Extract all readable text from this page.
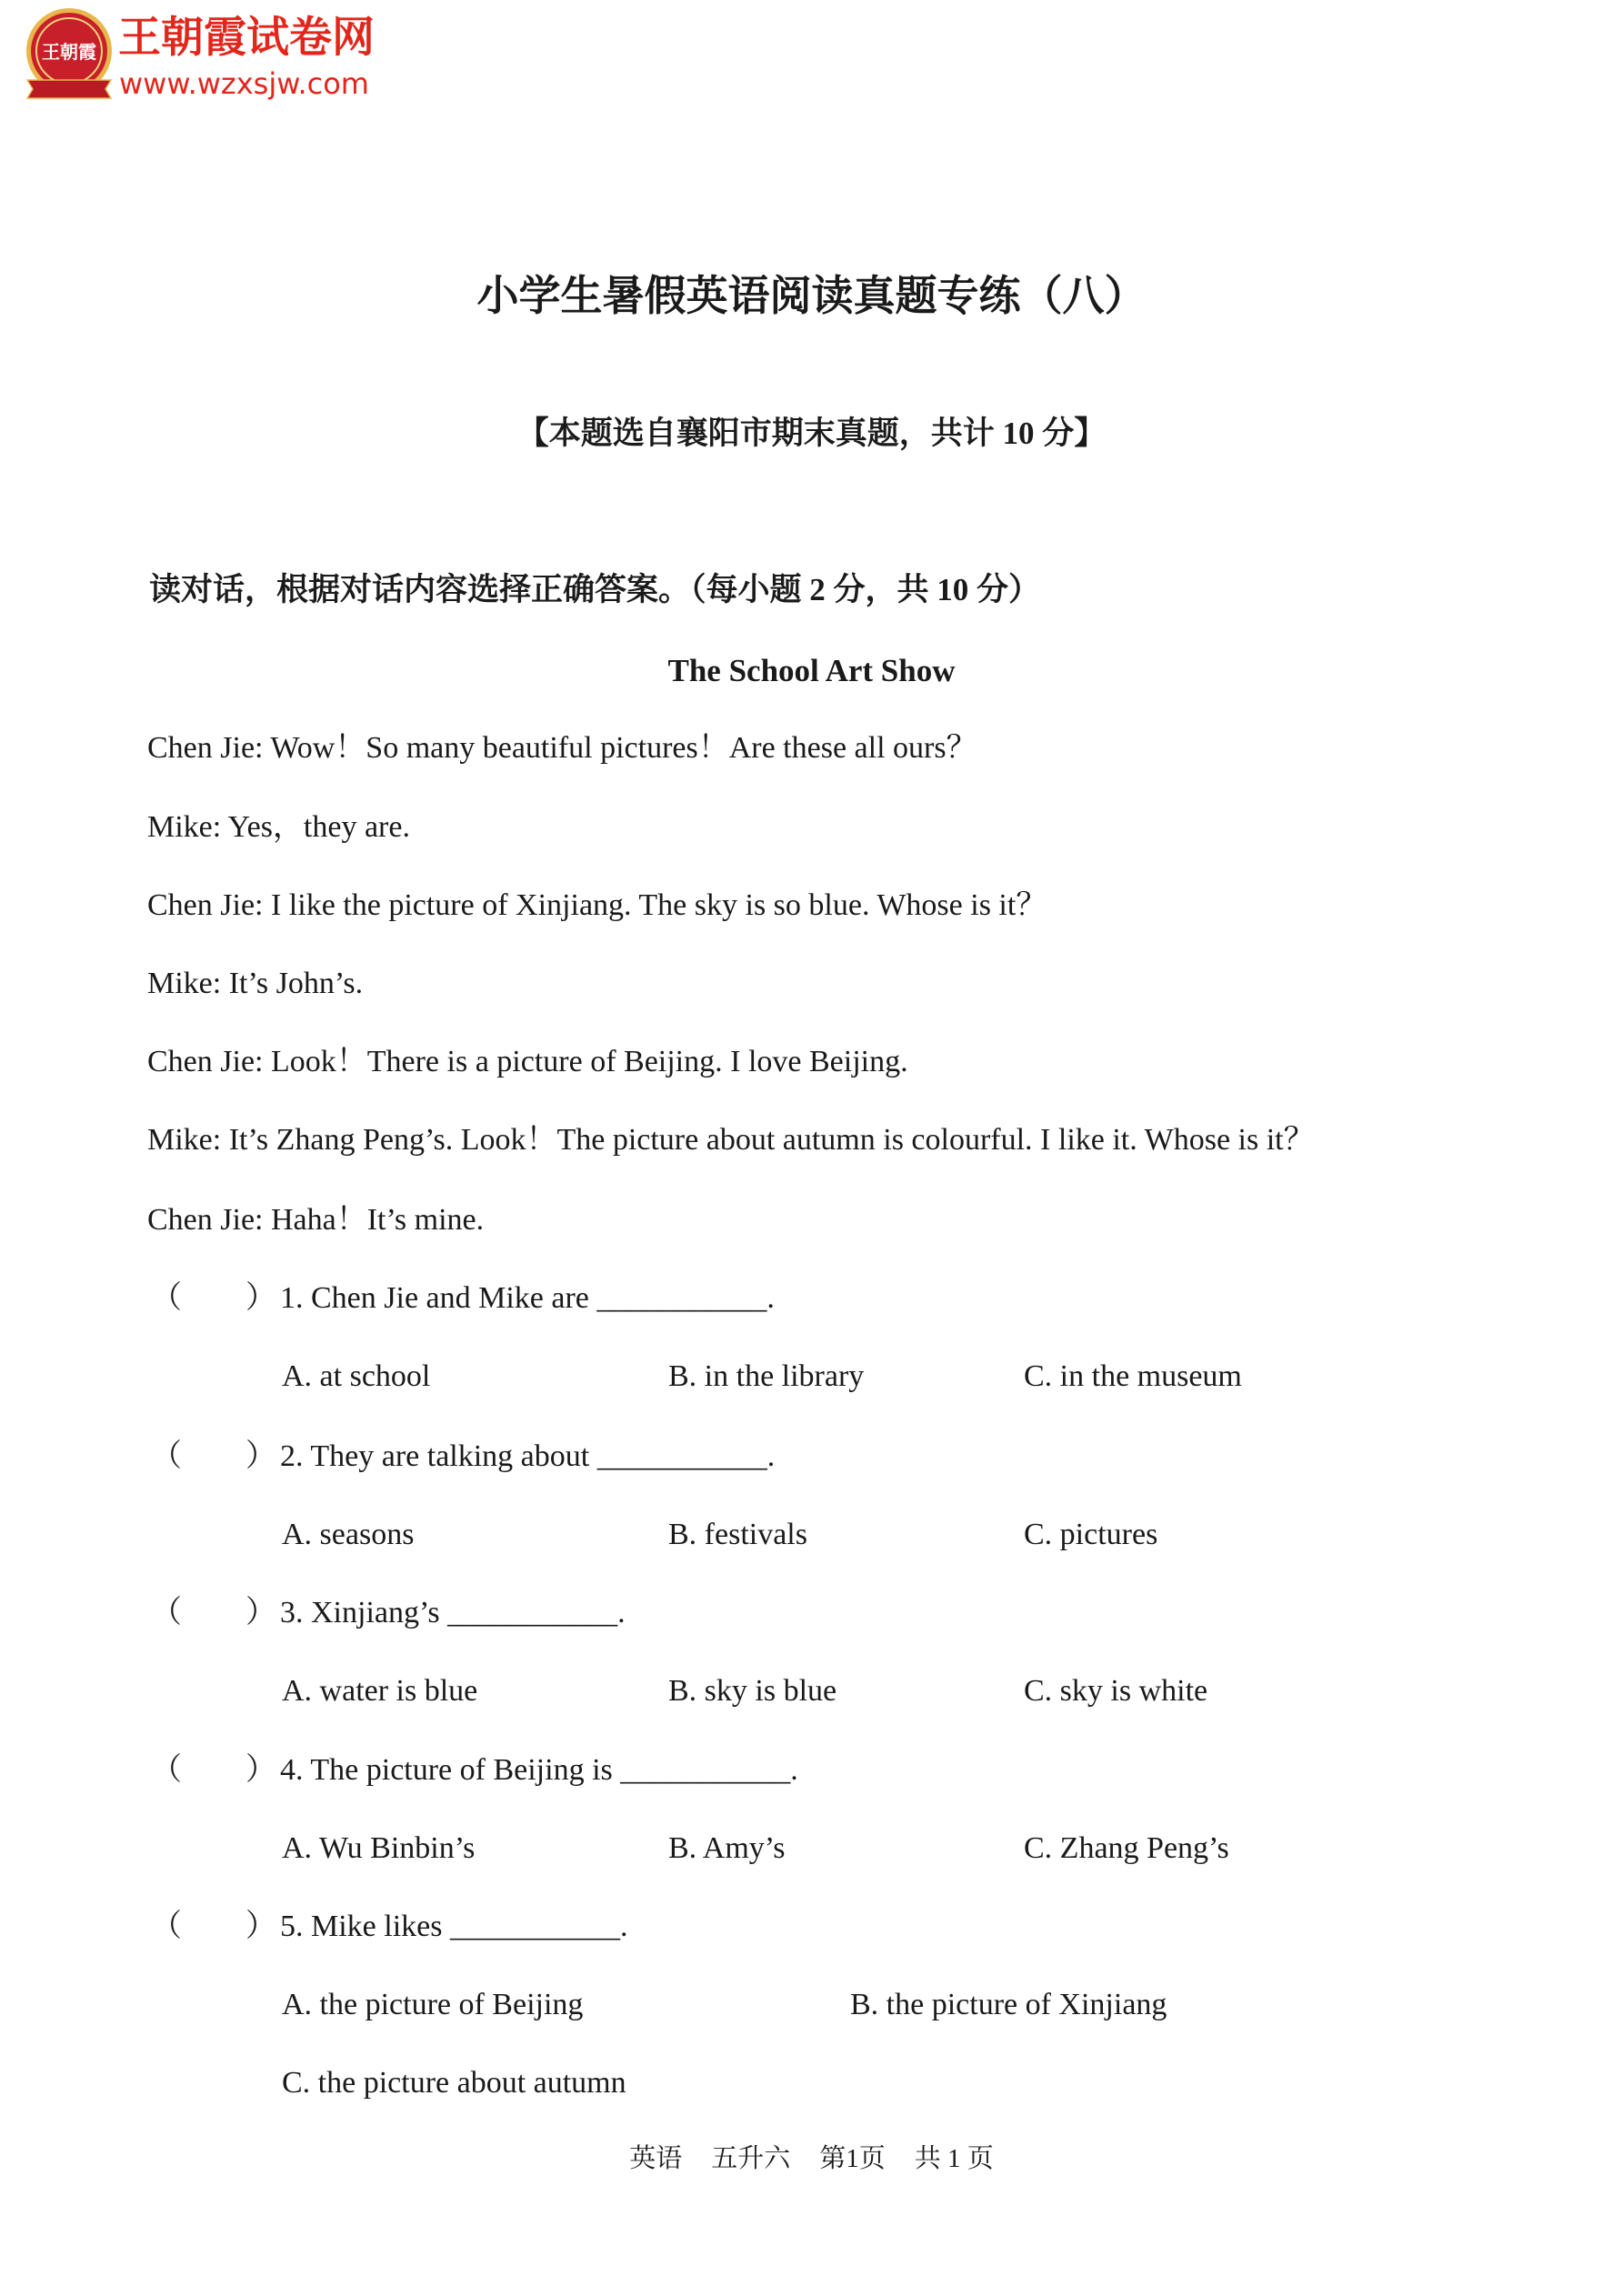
王朝霞 王朝霞试卷网
www.wzxsjw.com
小学生暑假英语阅读真题专练（八）
【本题选自襄阳市期末真题，共计 10 分】
读对话，根据对话内容选择正确答案。（每小题 2 分，共 10 分）
The School Art Show
Chen Jie: Wow！So many beautiful pictures！Are these all ours？
Mike: Yes，they are.
Chen Jie: I like the picture of Xinjiang. The sky is so blue. Whose is it？
Mike: It’s John’s.
Chen Jie: Look！There is a picture of Beijing. I love Beijing.
Mike: It’s Zhang Peng’s. Look！The picture about autumn is colourful. I like it. Whose is it？
Chen Jie: Haha！It’s mine.
（ ） 1. Chen Jie and Mike are ___________.
A. at school	B. in the library	C. in the museum
（ ） 2. They are talking about ___________.
A. seasons	B. festivals	C. pictures
（ ） 3. Xinjiang’s ___________.
A. water is blue	B. sky is blue	C. sky is white
（ ） 4. The picture of Beijing is ___________.
A. Wu Binbin’s	B. Amy’s	C. Zhang Peng’s
（ ） 5. Mike likes ___________.
A. the picture of Beijing	B. the picture of Xinjiang
C. the picture about autumn
英语 五升六 第1页 共 1 页
